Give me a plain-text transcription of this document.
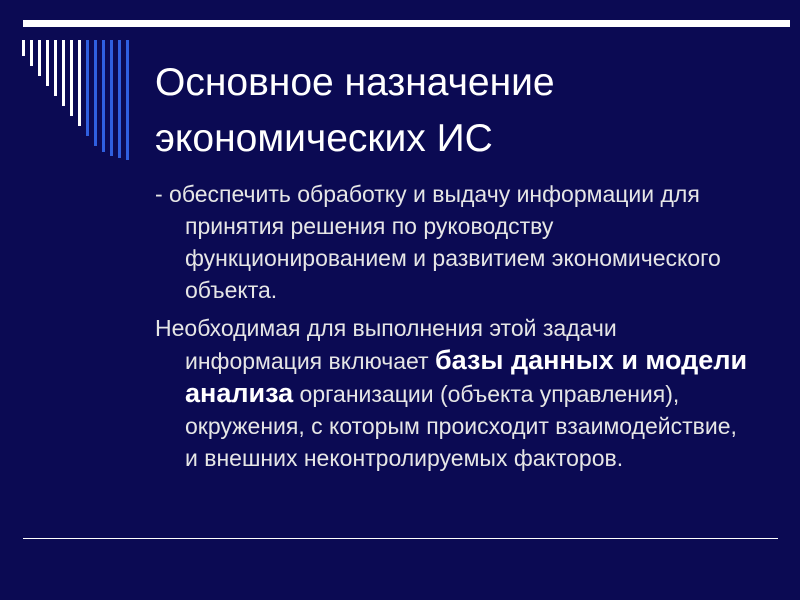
Основное назначение экономических ИС

- обеспечить обработку и выдачу информации для принятия решения по руководству функционированием и развитием экономического объекта.

Необходимая для выполнения этой задачи информация включает базы данных и модели анализа организации (объекта управления), окружения, с которым происходит взаимодействие, и внешних неконтролируемых факторов.
